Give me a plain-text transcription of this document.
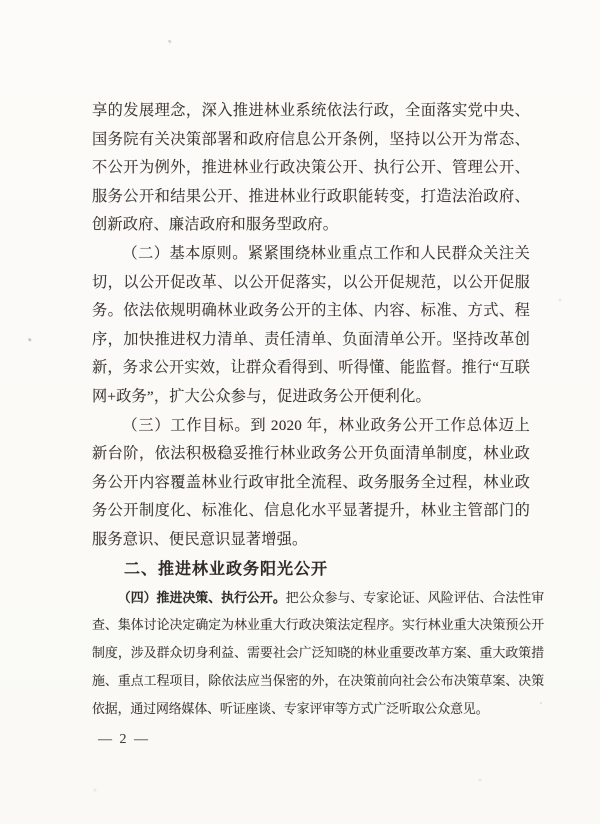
享的发展理念，深入推进林业系统依法行政，全面落实党中央、国务院有关决策部署和政府信息公开条例，坚持以公开为常态、不公开为例外，推进林业行政决策公开、执行公开、管理公开、服务公开和结果公开、推进林业行政职能转变，打造法治政府、创新政府、廉洁政府和服务型政府。

（二）基本原则。紧紧围绕林业重点工作和人民群众关注关切，以公开促改革、以公开促落实，以公开促规范，以公开促服务。依法依规明确林业政务公开的主体、内容、标准、方式、程序，加快推进权力清单、责任清单、负面清单公开。坚持改革创新，务求公开实效，让群众看得到、听得懂、能监督。推行“互联网+政务”，扩大公众参与，促进政务公开便利化。

（三）工作目标。到 2020 年，林业政务公开工作总体迈上新台阶，依法积极稳妥推行林业政务公开负面清单制度，林业政务公开内容覆盖林业行政审批全流程、政务服务全过程，林业政务公开制度化、标准化、信息化水平显著提升，林业主管部门的服务意识、便民意识显著增强。

二、推进林业政务阳光公开

（四）推进决策、执行公开。把公众参与、专家论证、风险评估、合法性审查、集体讨论决定确定为林业重大行政决策法定程序。实行林业重大决策预公开制度，涉及群众切身利益、需要社会广泛知晓的林业重要改革方案、重大政策措施、重点工程项目，除依法应当保密的外，在决策前向社会公布决策草案、决策依据，通过网络媒体、听证座谈、专家评审等方式广泛听取公众意见。

— 2 —
